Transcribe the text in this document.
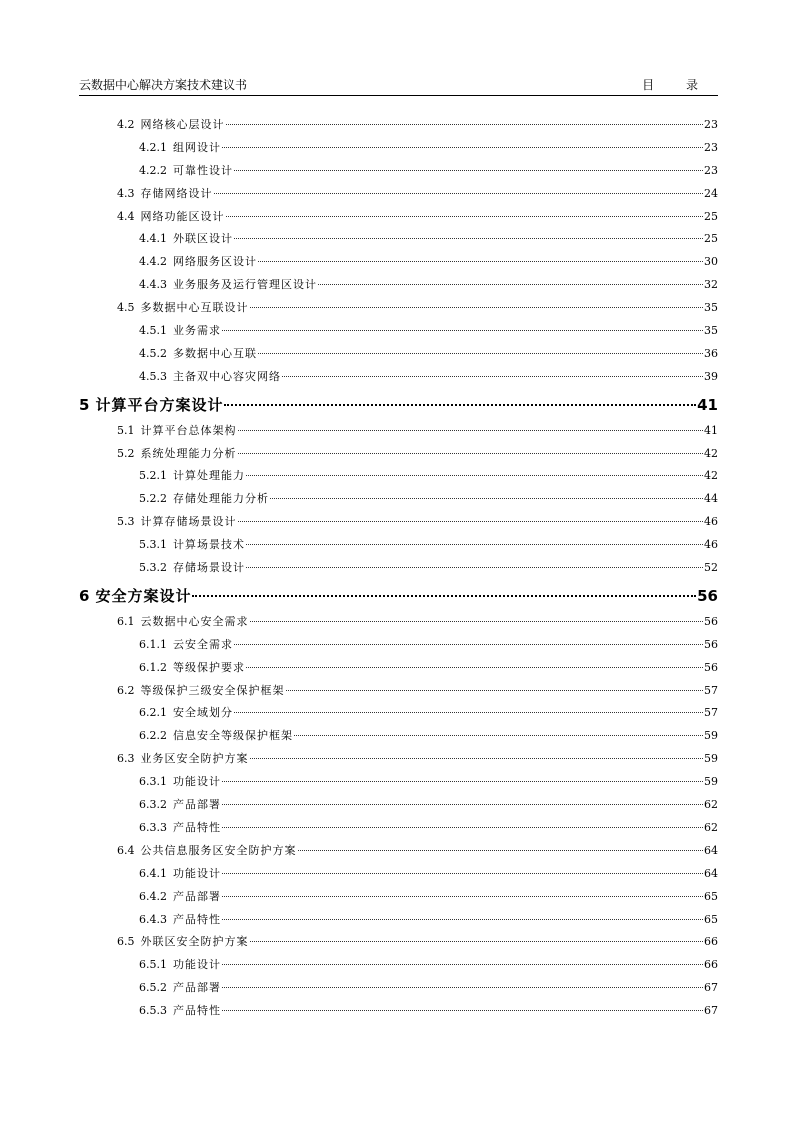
云数据中心解决方案技术建议书	目 录
4.2 网络核心层设计	23
4.2.1 组网设计	23
4.2.2 可靠性设计	23
4.3 存储网络设计	24
4.4 网络功能区设计	25
4.4.1 外联区设计	25
4.4.2 网络服务区设计	30
4.4.3 业务服务及运行管理区设计	32
4.5 多数据中心互联设计	35
4.5.1 业务需求	35
4.5.2 多数据中心互联	36
4.5.3 主备双中心容灾网络	39
5 计算平台方案设计	41
5.1 计算平台总体架构	41
5.2 系统处理能力分析	42
5.2.1 计算处理能力	42
5.2.2 存储处理能力分析	44
5.3 计算存储场景设计	46
5.3.1 计算场景技术	46
5.3.2 存储场景设计	52
6 安全方案设计	56
6.1 云数据中心安全需求	56
6.1.1 云安全需求	56
6.1.2 等级保护要求	56
6.2 等级保护三级安全保护框架	57
6.2.1 安全域划分	57
6.2.2 信息安全等级保护框架	59
6.3 业务区安全防护方案	59
6.3.1 功能设计	59
6.3.2 产品部署	62
6.3.3 产品特性	62
6.4 公共信息服务区安全防护方案	64
6.4.1 功能设计	64
6.4.2 产品部署	65
6.4.3 产品特性	65
6.5 外联区安全防护方案	66
6.5.1 功能设计	66
6.5.2 产品部署	67
6.5.3 产品特性	67
